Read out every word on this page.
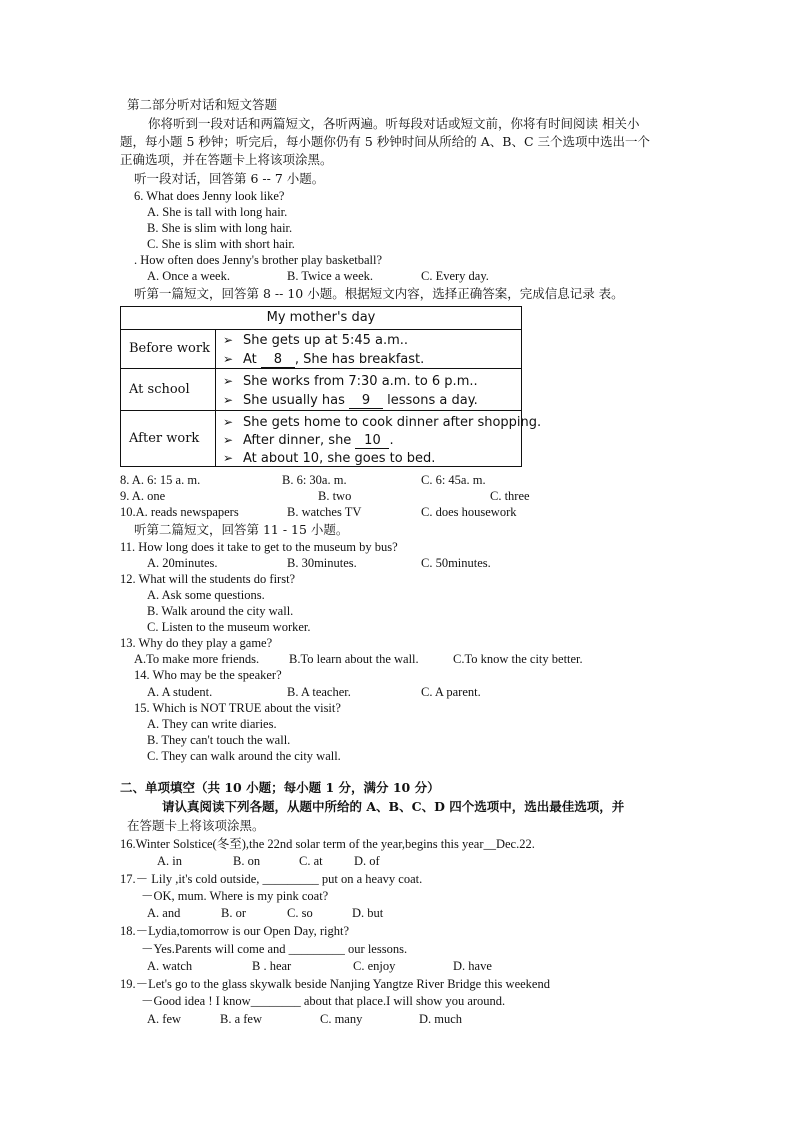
第二部分听对话和短文答题
你将听到一段对话和两篇短文，各听两遍。听每段对话或短文前，你将有时间阅读 相关小
题，每小题 5 秒钟；听完后，每小题你仍有 5 秒钟时间从所给的 A、B、C 三个选项中选出一个
正确选项，并在答题卡上将该项涂黑。
听一段对话，回答第 6 -- 7 小题。
6. What does Jenny look like?
A. She is tall with long hair.
B. She is slim with long hair.
C. She is slim with short hair.
. How often does Jenny's brother play basketball?
A. Once a week.	B. Twice a week.	C. Every day.
听第一篇短文，回答第 8 -- 10 小题。根据短文内容，选择正确答案，完成信息记录 表。
My mother's day
Before work
➢ She gets up at 5:45 a.m..
➢ At 8 , She has breakfast.
At school
➢ She works from 7:30 a.m. to 6 p.m..
➢ She usually has 9 lessons a day.
After work
➢ She gets home to cook dinner after shopping.
➢ After dinner, she 10 .
➢ At about 10, she goes to bed.
8. A. 6: 15 a. m.	B. 6: 30a. m.	C. 6: 45a. m.
9. A. one	B. two	C. three
10.A. reads newspapers	B. watches TV	C. does housework
听第二篇短文，回答第 11 - 15 小题。
11. How long does it take to get to the museum by bus?
A. 20minutes.	B. 30minutes.	C. 50minutes.
12. What will the students do first?
A. Ask some questions.
B. Walk around the city wall.
C. Listen to the museum worker.
13. Why do they play a game?
A.To make more friends. B.To learn about the wall.	C.To know the city better.
14. Who may be the speaker?
A. A student.	B. A teacher.	C. A parent.
15. Which is NOT TRUE about the visit?
A. They can write diaries.
B. They can't touch the wall.
C. They can walk around the city wall.
二、单项填空（共 10 小题；每小题 1 分，满分 10 分）
请认真阅读下列各题，从题中所给的 A、B、C、D 四个选项中，选出最佳选项，并
在答题卡上将该项涂黑。
16.Winter Solstice(冬至),the 22nd solar term of the year,begins this year__Dec.22.
A. in	B. on	C. at	D. of
17.－ Lily ,it's cold outside, _________ put on a heavy coat.
－OK, mum. Where is my pink coat?
A. and	B. or	C. so	D. but
18.－Lydia,tomorrow is our Open Day, right?
－Yes.Parents will come and _________ our lessons.
A. watch	B . hear	C. enjoy	D. have
19.－Let's go to the glass skywalk beside Nanjing Yangtze River Bridge this weekend
－Good idea ! I know________ about that place.I will show you around.
A. few	B. a few	C. many	D. much
